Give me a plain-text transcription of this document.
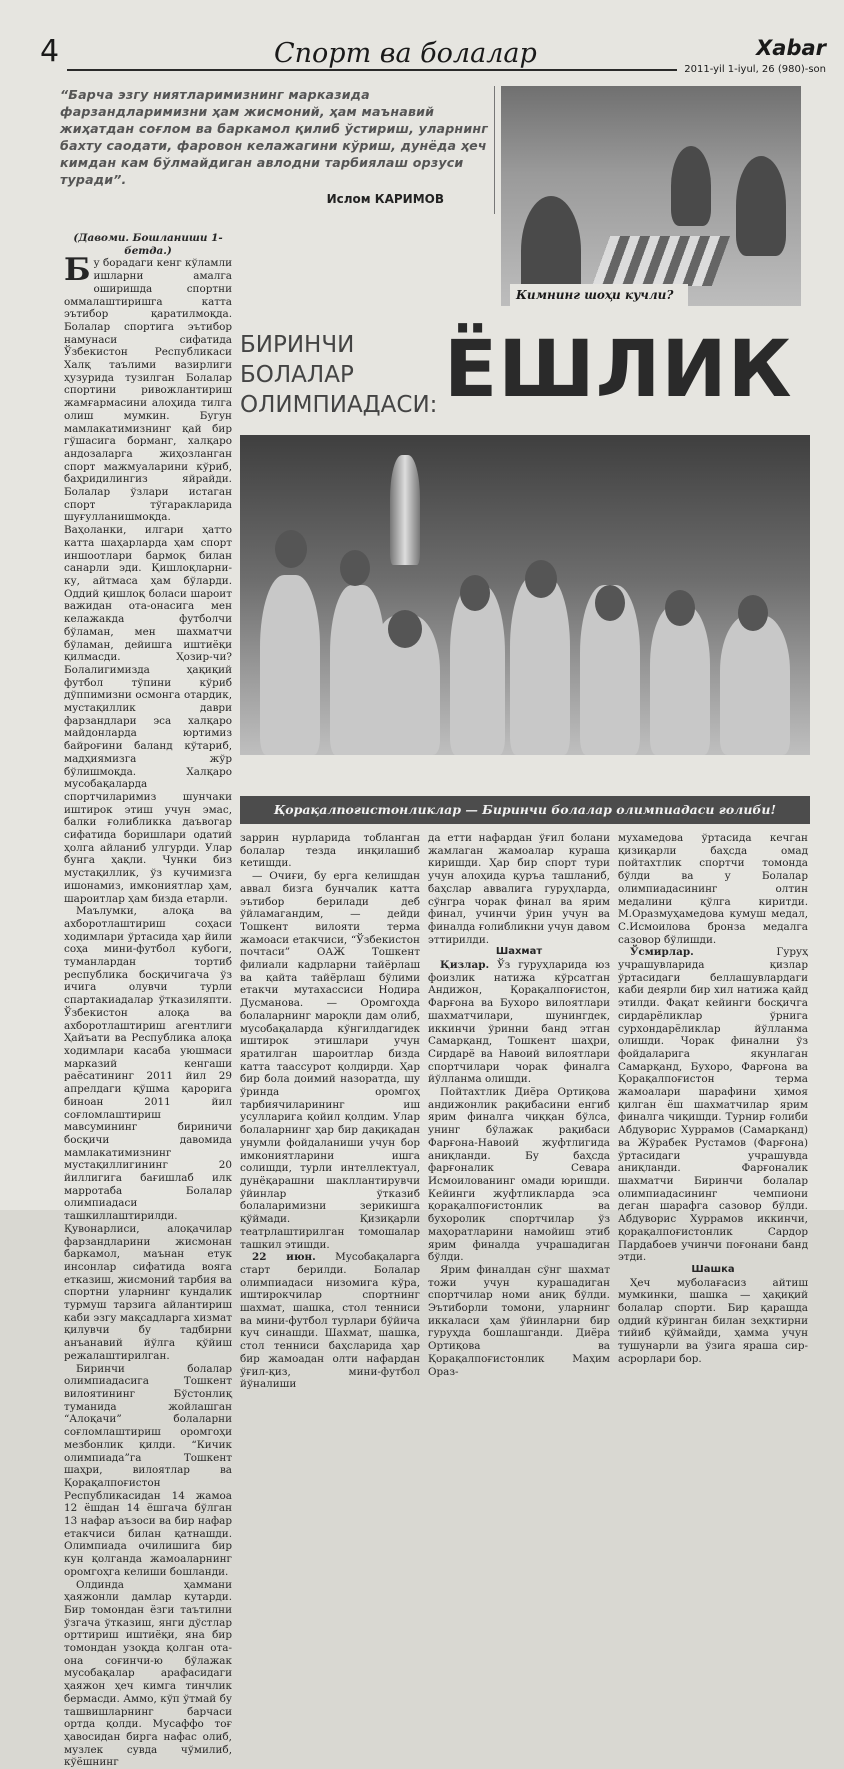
4	Спорт ва болалар	Xabar
2011-yil 1-iyul, 26 (980)-son
“Барча эзгу ниятларимизнинг марказида фарзандларимизни ҳам жисмоний, ҳам маънавий жиҳатдан соғлом ва баркамол қилиб ўстириш, уларнинг бахту саодати, фаровон келажагини кўриш, дунёда ҳеч кимдан кам бўлмайдиган авлодни тарбиялаш орзуси туради”.
Ислом КАРИМОВ
Кимнинг шоҳи кучли?
БИРИНЧИ БОЛАЛАР ОЛИМПИАДАСИ: ЁШЛИК
Қорақалпоғистонликлар — Биринчи болалар олимпиадаси ғолиби!

(Давоми. Бошланиши 1-бетда.)

Бу борадаги кенг кўламли ишларни амалга оширишда спортни оммалаштиришга катта эътибор қаратилмоқда. Болалар спортига эътибор намунаси сифатида Ўзбекистон Республикаси Халқ таълими вазирлиги ҳузурида тузилган Болалар спортини ривожлантириш жамғармасини алоҳида тилга олиш мумкин. Бугун мамлакатимизнинг қай бир гўшасига борманг, халқаро андозаларга жиҳозланган спорт мажмуаларини кўриб, баҳридилингиз яйрайди. Болалар ўзлари истаган спорт тўгаракларида шуғулланишмоқда. Ваҳоланки, илгари ҳатто катта шаҳарларда ҳам спорт иншоотлари бармоқ билан санарли эди. Қишлоқларни-ку, айтмаса ҳам бўларди. Оддий қишлоқ боласи шароит важидан ота-онасига мен келажакда футболчи бўламан, мен шахматчи бўламан, дейишга иштиёқи қилмасди. Ҳозир-чи? Болалигимизда ҳақиқий футбол тўпини кўриб дўппимизни осмонга отардик, мустақиллик даври фарзандлари эса халқаро майдонларда юртимиз байроғини баланд кўтариб, мадҳиямизга жўр бўлишмоқда. Халқаро мусобақаларда спортчиларимиз шунчаки иштирок этиш учун эмас, балки ғолибликка даъвогар сифатида боришлари одатий ҳолга айланиб улгурди. Улар бунга ҳақли. Чунки биз мустақиллик, ўз кучимизга ишонамиз, имкониятлар ҳам, шароитлар ҳам бизда етарли.

Маълумки, алоқа ва ахборотлаштириш соҳаси ходимлари ўртасида ҳар йили соҳа мини-футбол кубоги, туманлардан тортиб республика босқичигача ўз ичига олувчи турли спартакиадалар ўтказиляпти. Ўзбекистон алоқа ва ахборотлаштириш агентлиги Ҳайъати ва Республика алоқа ходимлари касаба уюшмаси марказий кенгаши раёсатининг 2011 йил 29 апрелдаги қўшма қарорига биноан 2011 йил соғломлаштириш мавсумининг бириничи босқичи давомида мамлакатимизнинг мустақиллигининг 20 йиллигига бағишлаб илк марротаба Болалар олимпиадаси ташкиллаштирилди. Қувонарлиси, алоқачилар фарзандларини жисмонан баркамол, маънан етук инсонлар сифатида вояга етказиш, жисмоний тарбия ва спортни уларнинг кундалик турмуш тарзига айлантириш каби эзгу мақсадларга хизмат қилувчи бу тадбирни анъанавий йўлга қўйиш режалаштирилган.

Биринчи болалар олимпиадасига Тошкент вилоятининг Бўстонлиқ туманида жойлашган “Алоқачи” болаларни соғломлаштириш оромгоҳи мезбонлик қилди. “Кичик олимпиада”га Тошкент шаҳри, вилоятлар ва Қорақалпоғистон Республикасидан 14 жамоа 12 ёшдан 14 ёшгача бўлган 13 нафар аъзоси ва бир нафар етакчиси билан қатнашди. Олимпиада очилишига бир кун қолганда жамоаларнинг оромгоҳга келиши бошланди.

Олдинда ҳаммани ҳаяжонли дамлар кутарди. Бир томондан ёзги таътилни ўзгача ўтказиш, янги дўстлар орттириш иштиёқи, яна бир томондан узоқда қолган ота-она соғинчи-ю бўлажак мусобақалар арафасидаги ҳаяжон ҳеч кимга тинчлик бермасди. Аммо, кўп ўтмай бу ташвишларнинг барчаси ортда қолди. Мусаффо тоғ ҳавосидан бирга нафас олиб, музлек сувда чўмилиб, кўёшнинг

заррин нурларида тобланган болалар тезда инқилашиб кетишди.

— Очиғи, бу ерга келишдан аввал бизга бунчалик катта эътибор берилади деб ўйламагандим, — дейди Тошкент вилояти терма жамоаси етакчиси, “Ўзбекистон почтаси” ОАЖ Тошкент филиали кадрларни тайёрлаш ва қайта тайёрлаш бўлими етакчи мутахассиси Нодира Дусманова. — Оромгоҳда болаларнинг мароқли дам олиб, мусобақаларда кўнгилдагидек иштирок этишлари учун яратилган шароитлар бизда катта таассурот қолдирди. Ҳар бир бола доимий назоратда, шу ўринда оромгоҳ тарбиячиларининг иш усулларига қойил қолдим. Улар болаларнинг ҳар бир дақиқадан унумли фойдаланиши учун бор имкониятларини ишга солишди, турли интеллектуал, дунёқарашни шакллантирувчи ўйинлар ўтказиб болаларимизни зерикишга қўймади. Қизиқарли театрлаштирилган томошалар ташкил этишди.

22 июн. Мусобақаларга старт берилди. Болалар олимпиадаси низомига кўра, иштирокчилар спортнинг шахмат, шашка, стол тенниси ва мини-футбол турлари бўйича куч синашди. Шахмат, шашка, стол тенниси баҳсларида ҳар бир жамоадан олти нафардан ўғил-қиз, мини-футбол йўналиши

да етти нафардан ўғил болани жамлаган жамоалар кураша киришди. Ҳар бир спорт тури учун алоҳида қуръа ташланиб, баҳслар аввалига гуруҳларда, сўнгра чорак финал ва ярим финал, учинчи ўрин учун ва финалда ғолибликни учун давом эттирилди.

Шахмат

Қизлар. Ўз гуруҳларида юз фоизлик натижа кўрсатган Андижон, Қорақалпоғистон, Фарғона ва Бухоро вилоятлари шахматчилари, шунингдек, иккинчи ўринни банд этган Самарқанд, Тошкент шаҳри, Сирдарё ва Навоий вилоятлари спортчилари чорак финалга йўлланма олишди.

Пойтахтлик Диёра Ортиқова андижонлик рақибасини енгиб ярим финалга чиққан бўлса, унинг бўлажак рақибаси Фарғона-Навоий жуфтлигида аниқланди. Бу баҳсда фарғоналик Севара Исмоилованинг омади юришди. Кейинги жуфтликларда эса қорақалпоғистонлик ва бухоролик спортчилар ўз маҳоратларини намойиш этиб ярим финалда учрашадиган бўлди.

Ярим финалдан сўнг шахмат тожи учун курашадиган спортчилар номи аниқ бўлди. Эътиборли томони, уларнинг иккаласи ҳам ўйинларни бир гуруҳда бошлашганди. Диёра Ортиқова ва Қорақалпоғистонлик Маҳим Ораз-

мухамедова ўртасида кечган қизиқарли баҳсда омад пойтахтлик спортчи томонда бўлди ва у Болалар олимпиадасининг олтин медалини қўлга киритди. М.Оразмуҳамедова кумуш медал, С.Исмоилова бронза медалга сазовор бўлишди.

Ўсмирлар. Гуруҳ учрашувларида қизлар ўртасидаги беллашувлардаги каби деярли бир хил натижа қайд этилди. Фақат кейинги босқичга сирдарёликлар ўрнига сурхондарёликлар йўлланма олишди. Чорак финални ўз фойдаларига якунлаган Самарқанд, Бухоро, Фарғона ва Қорақалпоғистон терма жамоалари шарафини ҳимоя қилган ёш шахматчилар ярим финалга чиқишди. Турнир ғолиби Абдуворис Хуррамов (Самарқанд) ва Жўрабек Рустамов (Фарғона) ўртасидаги учрашувда аниқланди. Фарғоналик шахматчи Биринчи болалар олимпиадасининг чемпиони деган шарафга сазовор бўлди. Абдуворис Хуррамов иккинчи, қорақалпоғистонлик Сардор Пардабоев учинчи поғонани банд этди.

Шашка

Ҳеч муболағасиз айтиш мумкинки, шашка — ҳақиқий болалар спорти. Бир қарашда оддий кўринган билан зеҳктирни тийиб қўймайди, ҳамма учун тушунарли ва ўзига яраша сир-асрорлари бор.
